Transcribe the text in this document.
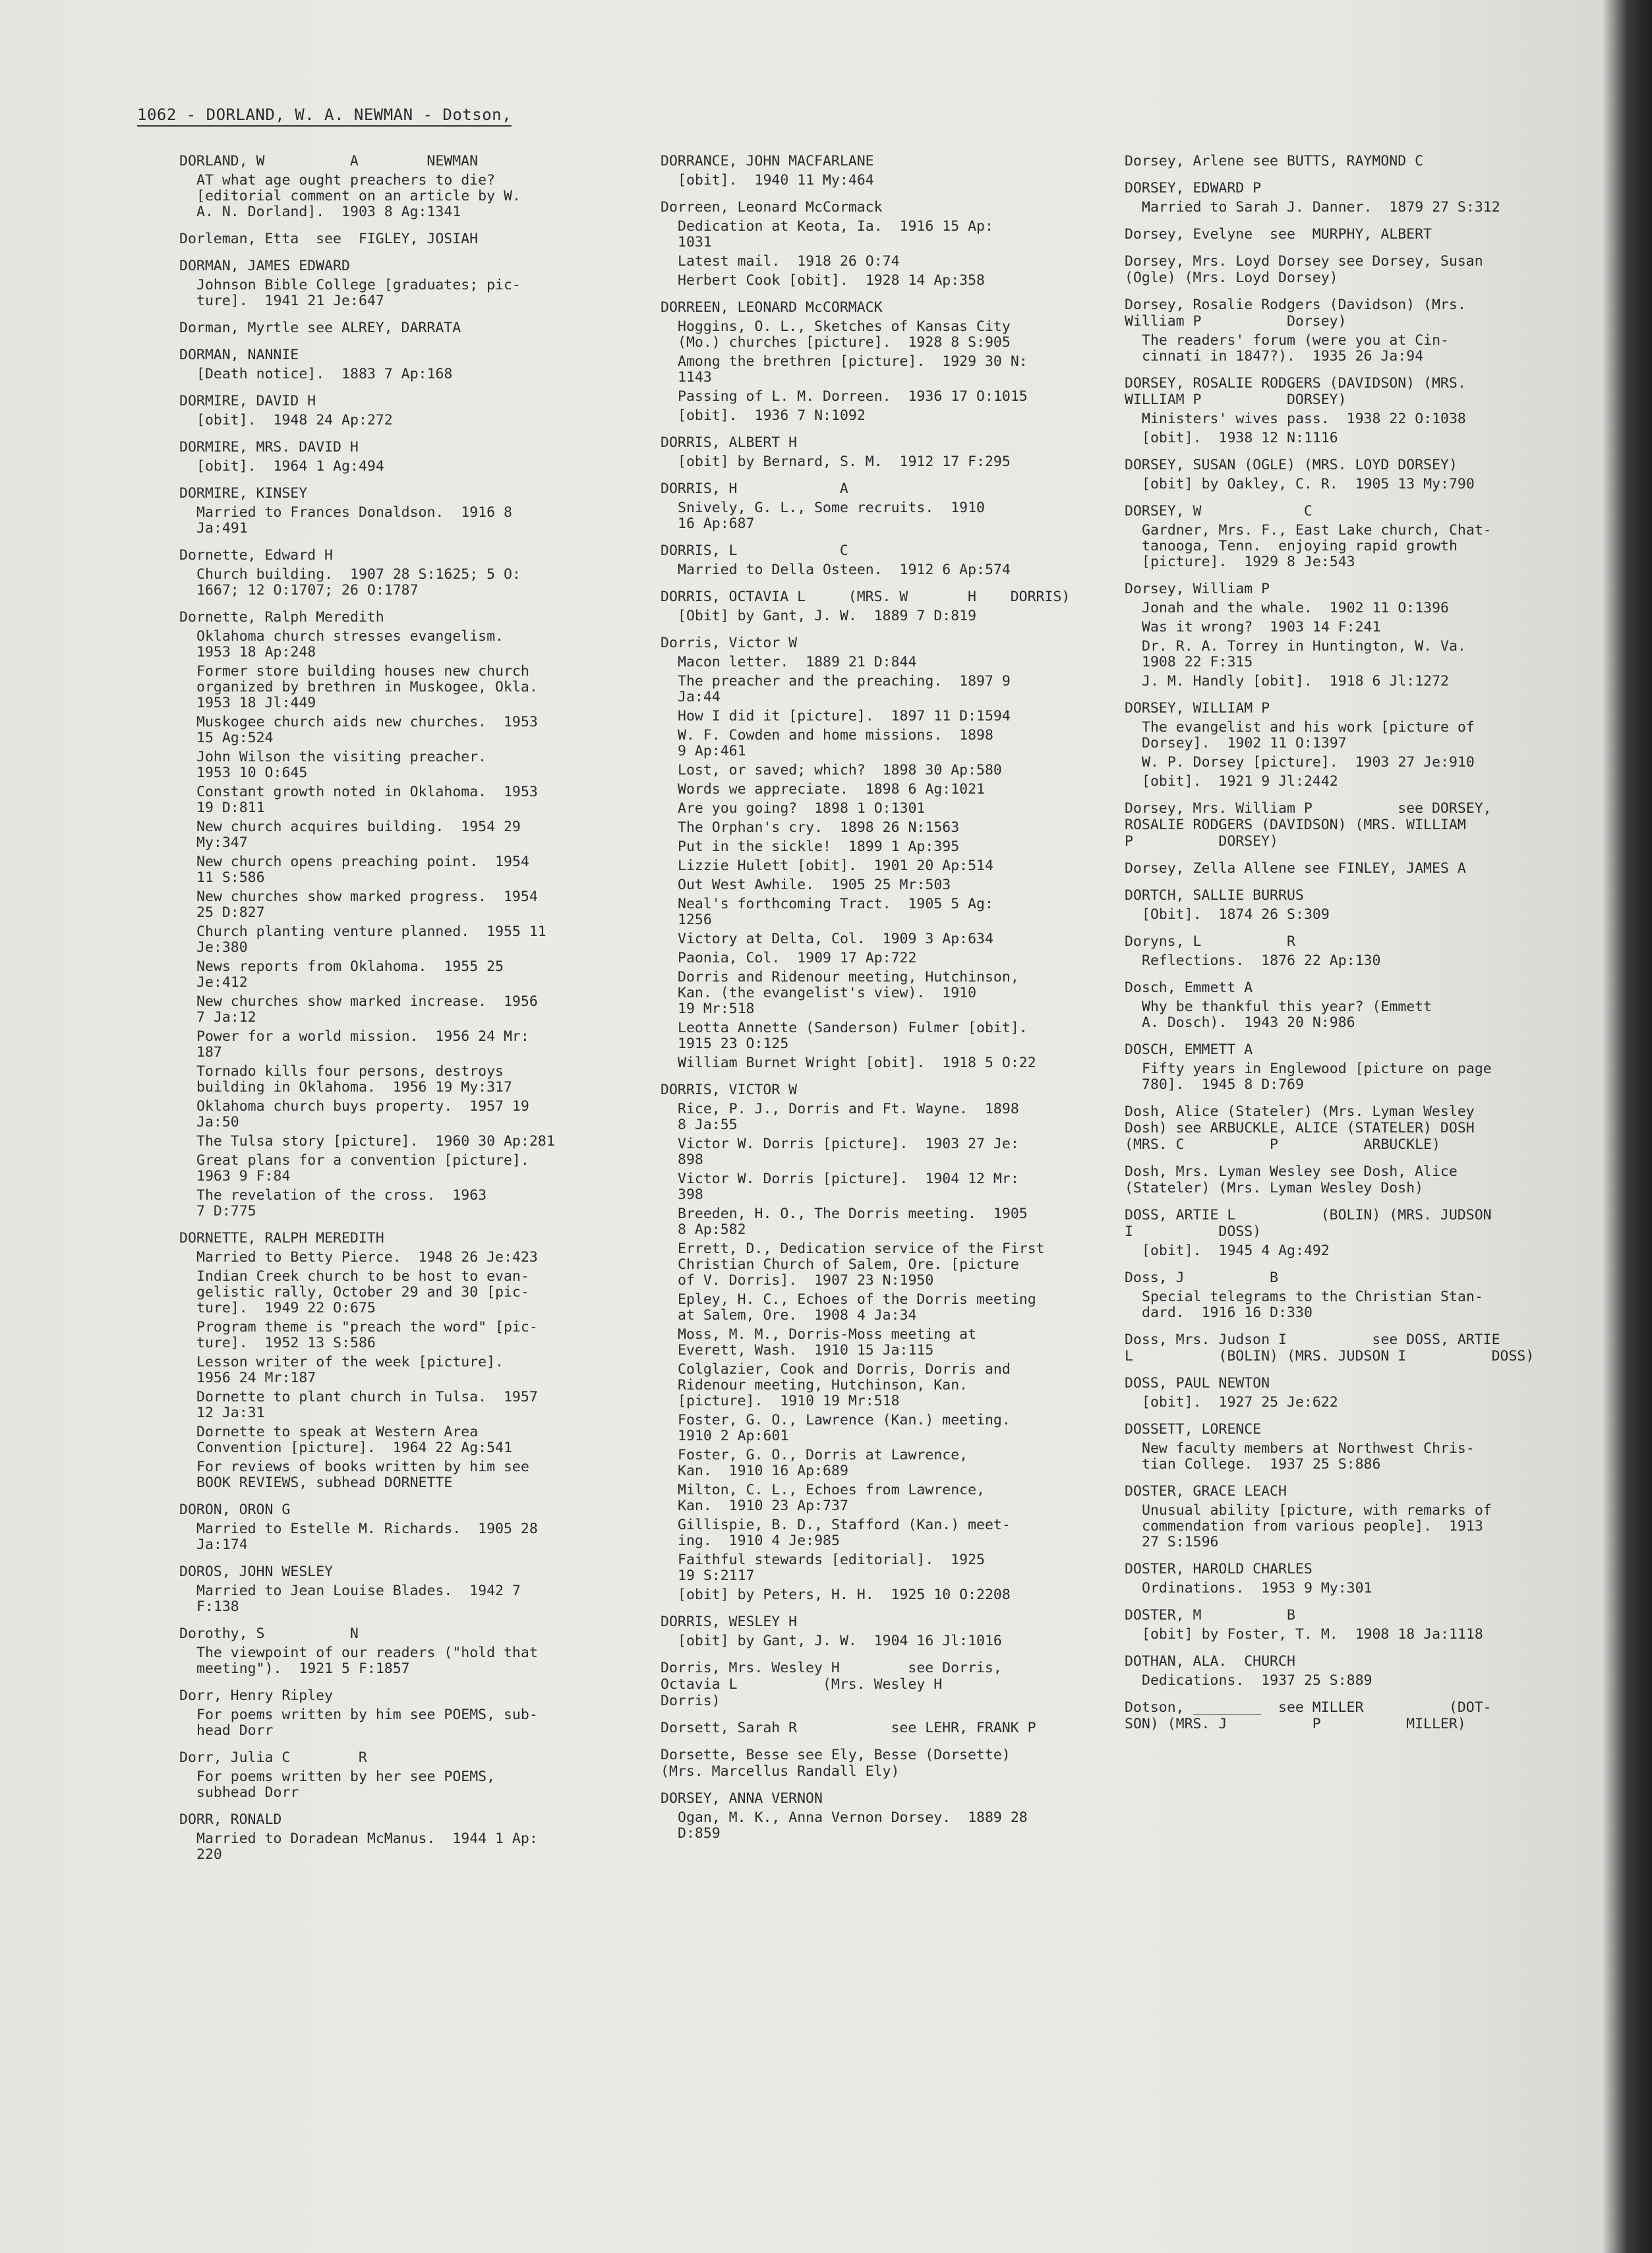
1062 - DORLAND, W. A. NEWMAN - Dotson,
DORLAND, W          A        NEWMAN
AT what age ought preachers to die?
[editorial comment on an article by W.
A. N. Dorland].  1903 8 Ag:1341
Dorleman, Etta  see  FIGLEY, JOSIAH
DORMAN, JAMES EDWARD
Johnson Bible College [graduates; pic-
ture].  1941 21 Je:647
Dorman, Myrtle see ALREY, DARRATA
DORMAN, NANNIE
[Death notice].  1883 7 Ap:168
DORMIRE, DAVID H
[obit].  1948 24 Ap:272
DORMIRE, MRS. DAVID H
[obit].  1964 1 Ag:494
DORMIRE, KINSEY
Married to Frances Donaldson.  1916 8
Ja:491
Dornette, Edward H
Church building.  1907 28 S:1625; 5 O:
1667; 12 O:1707; 26 O:1787
Dornette, Ralph Meredith
Oklahoma church stresses evangelism.
1953 18 Ap:248
Former store building houses new church
organized by brethren in Muskogee, Okla.
1953 18 Jl:449
Muskogee church aids new churches.  1953
15 Ag:524
John Wilson the visiting preacher.
1953 10 O:645
Constant growth noted in Oklahoma.  1953
19 D:811
New church acquires building.  1954 29
My:347
New church opens preaching point.  1954
11 S:586
New churches show marked progress.  1954
25 D:827
Church planting venture planned.  1955 11
Je:380
News reports from Oklahoma.  1955 25
Je:412
New churches show marked increase.  1956
7 Ja:12
Power for a world mission.  1956 24 Mr:
187
Tornado kills four persons, destroys
building in Oklahoma.  1956 19 My:317
Oklahoma church buys property.  1957 19
Ja:50
The Tulsa story [picture].  1960 30 Ap:281
Great plans for a convention [picture].
1963 9 F:84
The revelation of the cross.  1963
7 D:775
DORNETTE, RALPH MEREDITH
Married to Betty Pierce.  1948 26 Je:423
Indian Creek church to be host to evan-
gelistic rally, October 29 and 30 [pic-
ture].  1949 22 O:675
Program theme is "preach the word" [pic-
ture].  1952 13 S:586
Lesson writer of the week [picture].
1956 24 Mr:187
Dornette to plant church in Tulsa.  1957
12 Ja:31
Dornette to speak at Western Area
Convention [picture].  1964 22 Ag:541
For reviews of books written by him see
BOOK REVIEWS, subhead DORNETTE
DORON, ORON G
Married to Estelle M. Richards.  1905 28
Ja:174
DOROS, JOHN WESLEY
Married to Jean Louise Blades.  1942 7
F:138
Dorothy, S          N
The viewpoint of our readers ("hold that
meeting").  1921 5 F:1857
Dorr, Henry Ripley
For poems written by him see POEMS, sub-
head Dorr
Dorr, Julia C        R
For poems written by her see POEMS,
subhead Dorr
DORR, RONALD
Married to Doradean McManus.  1944 1 Ap:
220
DORRANCE, JOHN MACFARLANE
[obit].  1940 11 My:464
Dorreen, Leonard McCormack
Dedication at Keota, Ia.  1916 15 Ap:
1031
Latest mail.  1918 26 O:74
Herbert Cook [obit].  1928 14 Ap:358
DORREEN, LEONARD McCORMACK
Hoggins, O. L., Sketches of Kansas City
(Mo.) churches [picture].  1928 8 S:905
Among the brethren [picture].  1929 30 N:
1143
Passing of L. M. Dorreen.  1936 17 O:1015
[obit].  1936 7 N:1092
DORRIS, ALBERT H
[obit] by Bernard, S. M.  1912 17 F:295
DORRIS, H            A
Snively, G. L., Some recruits.  1910
16 Ap:687
DORRIS, L            C
Married to Della Osteen.  1912 6 Ap:574
DORRIS, OCTAVIA L     (MRS. W       H    DORRIS)
[Obit] by Gant, J. W.  1889 7 D:819
Dorris, Victor W
Macon letter.  1889 21 D:844
The preacher and the preaching.  1897 9
Ja:44
How I did it [picture].  1897 11 D:1594
W. F. Cowden and home missions.  1898
9 Ap:461
Lost, or saved; which?  1898 30 Ap:580
Words we appreciate.  1898 6 Ag:1021
Are you going?  1898 1 O:1301
The Orphan's cry.  1898 26 N:1563
Put in the sickle!  1899 1 Ap:395
Lizzie Hulett [obit].  1901 20 Ap:514
Out West Awhile.  1905 25 Mr:503
Neal's forthcoming Tract.  1905 5 Ag:
1256
Victory at Delta, Col.  1909 3 Ap:634
Paonia, Col.  1909 17 Ap:722
Dorris and Ridenour meeting, Hutchinson,
Kan. (the evangelist's view).  1910
19 Mr:518
Leotta Annette (Sanderson) Fulmer [obit].
1915 23 O:125
William Burnet Wright [obit].  1918 5 O:22
DORRIS, VICTOR W
Rice, P. J., Dorris and Ft. Wayne.  1898
8 Ja:55
Victor W. Dorris [picture].  1903 27 Je:
898
Victor W. Dorris [picture].  1904 12 Mr:
398
Breeden, H. O., The Dorris meeting.  1905
8 Ap:582
Errett, D., Dedication service of the First
Christian Church of Salem, Ore. [picture
of V. Dorris].  1907 23 N:1950
Epley, H. C., Echoes of the Dorris meeting
at Salem, Ore.  1908 4 Ja:34
Moss, M. M., Dorris-Moss meeting at
Everett, Wash.  1910 15 Ja:115
Colglazier, Cook and Dorris, Dorris and
Ridenour meeting, Hutchinson, Kan.
[picture].  1910 19 Mr:518
Foster, G. O., Lawrence (Kan.) meeting.
1910 2 Ap:601
Foster, G. O., Dorris at Lawrence,
Kan.  1910 16 Ap:689
Milton, C. L., Echoes from Lawrence,
Kan.  1910 23 Ap:737
Gillispie, B. D., Stafford (Kan.) meet-
ing.  1910 4 Je:985
Faithful stewards [editorial].  1925
19 S:2117
[obit] by Peters, H. H.  1925 10 O:2208
DORRIS, WESLEY H
[obit] by Gant, J. W.  1904 16 Jl:1016
Dorris, Mrs. Wesley H        see Dorris,
Octavia L          (Mrs. Wesley H
Dorris)
Dorsett, Sarah R           see LEHR, FRANK P
Dorsette, Besse see Ely, Besse (Dorsette)
(Mrs. Marcellus Randall Ely)
DORSEY, ANNA VERNON
Ogan, M. K., Anna Vernon Dorsey.  1889 28
D:859
Dorsey, Arlene see BUTTS, RAYMOND C
DORSEY, EDWARD P
Married to Sarah J. Danner.  1879 27 S:312
Dorsey, Evelyne  see  MURPHY, ALBERT
Dorsey, Mrs. Loyd Dorsey see Dorsey, Susan
(Ogle) (Mrs. Loyd Dorsey)
Dorsey, Rosalie Rodgers (Davidson) (Mrs.
William P          Dorsey)
The readers' forum (were you at Cin-
cinnati in 1847?).  1935 26 Ja:94
DORSEY, ROSALIE RODGERS (DAVIDSON) (MRS.
WILLIAM P          DORSEY)
Ministers' wives pass.  1938 22 O:1038
[obit].  1938 12 N:1116
DORSEY, SUSAN (OGLE) (MRS. LOYD DORSEY)
[obit] by Oakley, C. R.  1905 13 My:790
DORSEY, W            C
Gardner, Mrs. F., East Lake church, Chat-
tanooga, Tenn.  enjoying rapid growth
[picture].  1929 8 Je:543
Dorsey, William P
Jonah and the whale.  1902 11 O:1396
Was it wrong?  1903 14 F:241
Dr. R. A. Torrey in Huntington, W. Va.
1908 22 F:315
J. M. Handly [obit].  1918 6 Jl:1272
DORSEY, WILLIAM P
The evangelist and his work [picture of
Dorsey].  1902 11 O:1397
W. P. Dorsey [picture].  1903 27 Je:910
[obit].  1921 9 Jl:2442
Dorsey, Mrs. William P          see DORSEY,
ROSALIE RODGERS (DAVIDSON) (MRS. WILLIAM
P          DORSEY)
Dorsey, Zella Allene see FINLEY, JAMES A
DORTCH, SALLIE BURRUS
[Obit].  1874 26 S:309
Doryns, L          R
Reflections.  1876 22 Ap:130
Dosch, Emmett A
Why be thankful this year? (Emmett
A. Dosch).  1943 20 N:986
DOSCH, EMMETT A
Fifty years in Englewood [picture on page
780].  1945 8 D:769
Dosh, Alice (Stateler) (Mrs. Lyman Wesley
Dosh) see ARBUCKLE, ALICE (STATELER) DOSH
(MRS. C          P          ARBUCKLE)
Dosh, Mrs. Lyman Wesley see Dosh, Alice
(Stateler) (Mrs. Lyman Wesley Dosh)
DOSS, ARTIE L          (BOLIN) (MRS. JUDSON
I          DOSS)
[obit].  1945 4 Ag:492
Doss, J          B
Special telegrams to the Christian Stan-
dard.  1916 16 D:330
Doss, Mrs. Judson I          see DOSS, ARTIE
L          (BOLIN) (MRS. JUDSON I          DOSS)
DOSS, PAUL NEWTON
[obit].  1927 25 Je:622
DOSSETT, LORENCE
New faculty members at Northwest Chris-
tian College.  1937 25 S:886
DOSTER, GRACE LEACH
Unusual ability [picture, with remarks of
commendation from various people].  1913
27 S:1596
DOSTER, HAROLD CHARLES
Ordinations.  1953 9 My:301
DOSTER, M          B
[obit] by Foster, T. M.  1908 18 Ja:1118
DOTHAN, ALA.  CHURCH
Dedications.  1937 25 S:889
Dotson, ________  see MILLER          (DOT-
SON) (MRS. J          P          MILLER)
